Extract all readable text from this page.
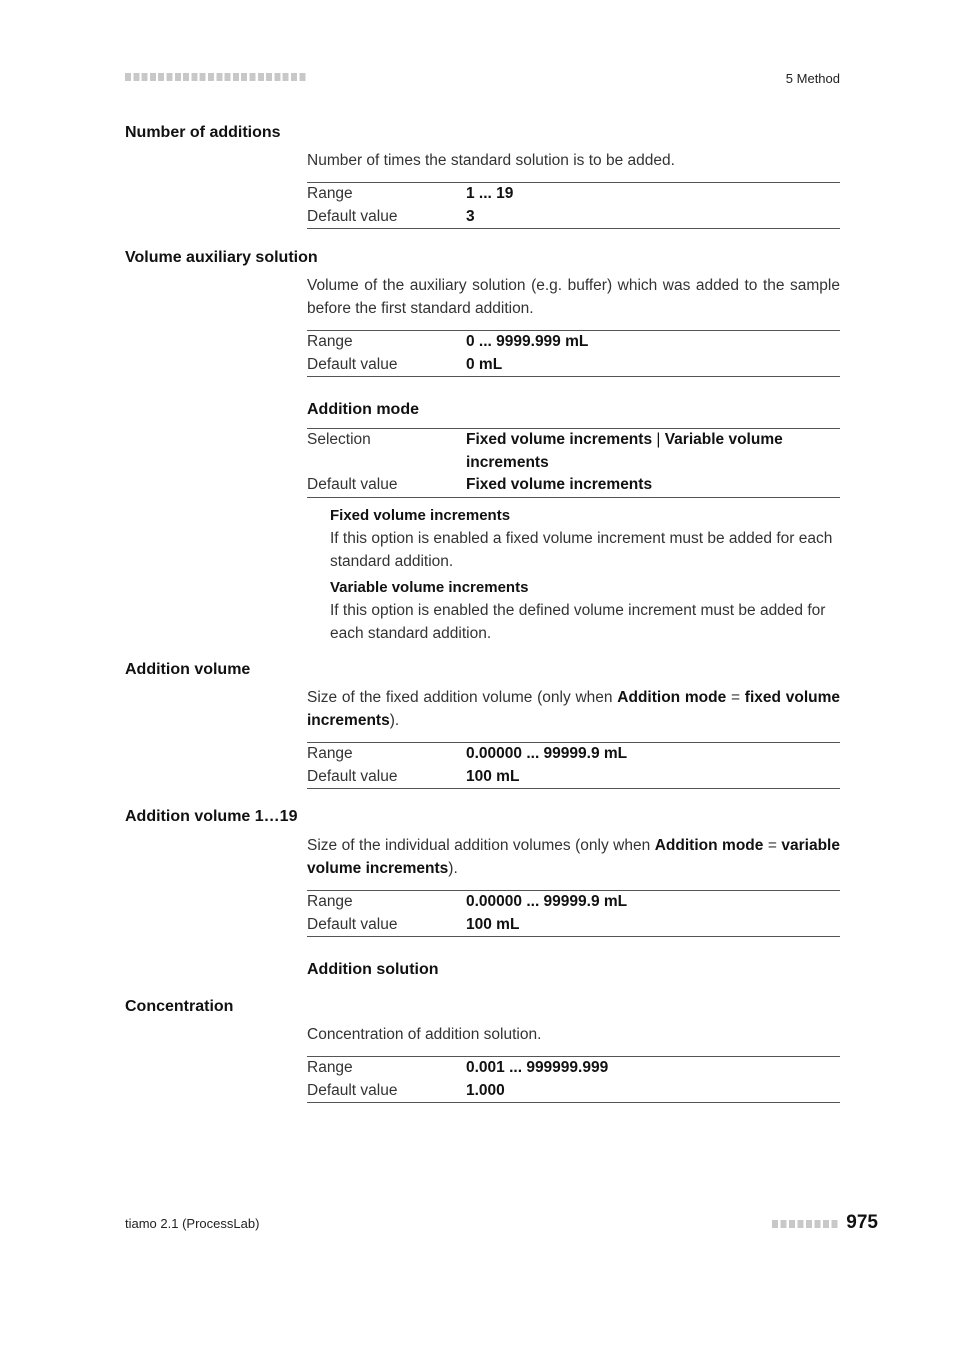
5 Method
Number of additions
Number of times the standard solution is to be added.
Range	1 ... 19
Default value	3
Volume auxiliary solution
Volume of the auxiliary solution (e.g. buffer) which was added to the sample before the first standard addition.
Range	0 ... 9999.999 mL
Default value	0 mL
Addition mode
Selection	Fixed volume increments | Variable volume increments
Default value	Fixed volume increments
Fixed volume increments
If this option is enabled a fixed volume increment must be added for each standard addition.
Variable volume increments
If this option is enabled the defined volume increment must be added for each standard addition.
Addition volume
Size of the fixed addition volume (only when Addition mode = fixed volume increments).
Range	0.00000 ... 99999.9 mL
Default value	100 mL
Addition volume 1…19
Size of the individual addition volumes (only when Addition mode = variable volume increments).
Range	0.00000 ... 99999.9 mL
Default value	100 mL
Addition solution
Concentration
Concentration of addition solution.
Range	0.001 ... 999999.999
Default value	1.000
tiamo 2.1 (ProcessLab)	975
